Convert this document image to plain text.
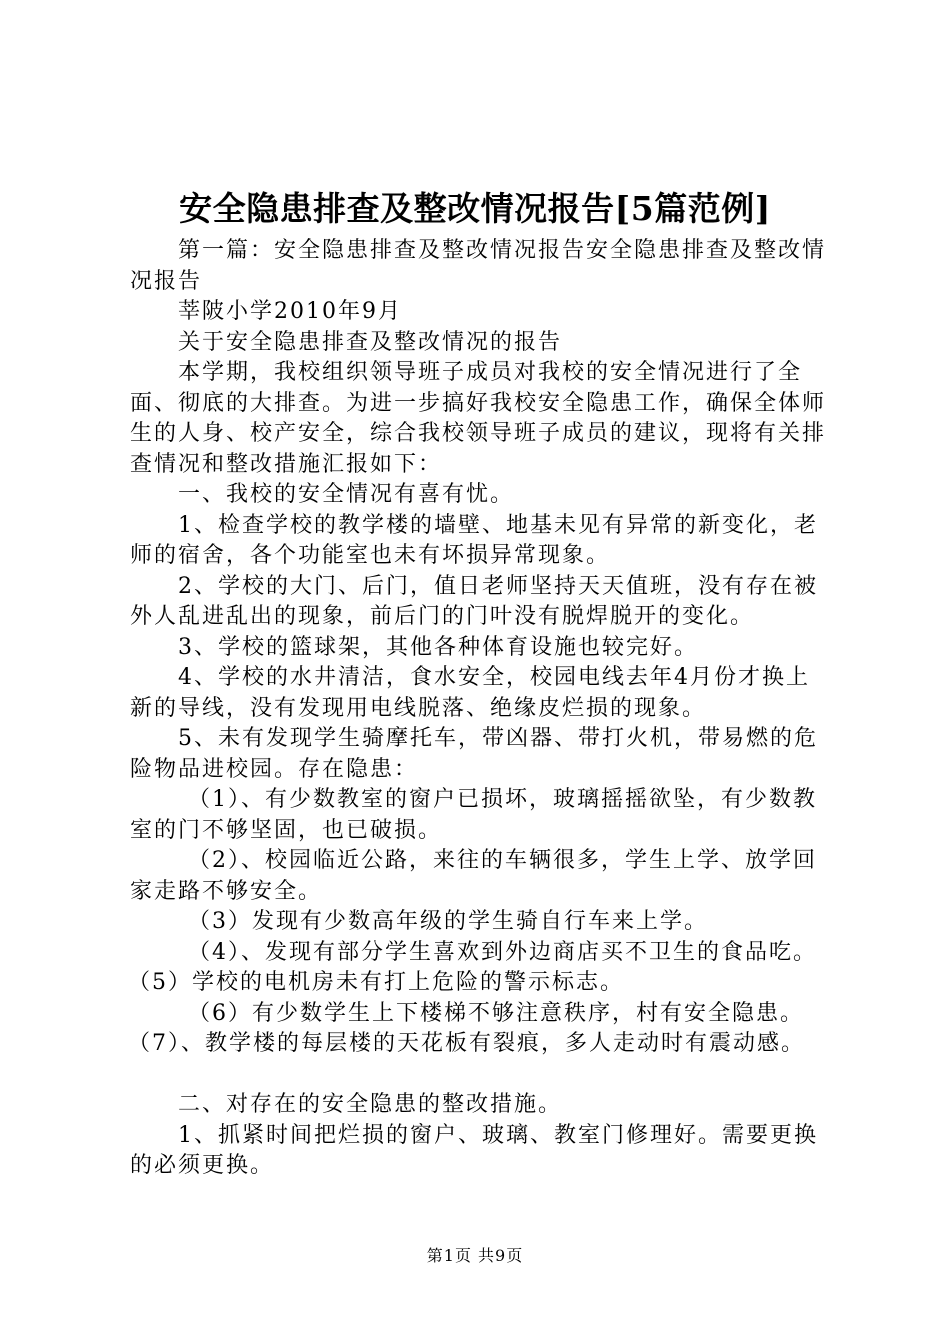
安全隐患排查及整改情况报告[5篇范例]

第一篇：安全隐患排查及整改情况报告安全隐患排查及整改情况报告

莘陂小学2010年9月

关于安全隐患排查及整改情况的报告

本学期，我校组织领导班子成员对我校的安全情况进行了全面、彻底的大排查。为进一步搞好我校安全隐患工作，确保全体师生的人身、校产安全，综合我校领导班子成员的建议，现将有关排查情况和整改措施汇报如下：

一、我校的安全情况有喜有忧。

1、检查学校的教学楼的墙壁、地基未见有异常的新变化，老师的宿舍，各个功能室也未有坏损异常现象。

2、学校的大门、后门，值日老师坚持天天值班，没有存在被外人乱进乱出的现象，前后门的门叶没有脱焊脱开的变化。

3、学校的篮球架，其他各种体育设施也较完好。

4、学校的水井清洁，食水安全，校园电线去年4月份才换上新的导线，没有发现用电线脱落、绝缘皮烂损的现象。

5、未有发现学生骑摩托车，带凶器、带打火机，带易燃的危险物品进校园。存在隐患：

（1）、有少数教室的窗户已损坏，玻璃摇摇欲坠，有少数教室的门不够坚固，也已破损。

（2）、校园临近公路，来往的车辆很多，学生上学、放学回家走路不够安全。

（3）发现有少数高年级的学生骑自行车来上学。

（4）、发现有部分学生喜欢到外边商店买不卫生的食品吃。

（5）学校的电机房未有打上危险的警示标志。

（6）有少数学生上下楼梯不够注意秩序，村有安全隐患。

（7）、教学楼的每层楼的天花板有裂痕，多人走动时有震动感。

二、对存在的安全隐患的整改措施。

1、抓紧时间把烂损的窗户、玻璃、教室门修理好。需要更换的必须更换。

第1页 共9页
